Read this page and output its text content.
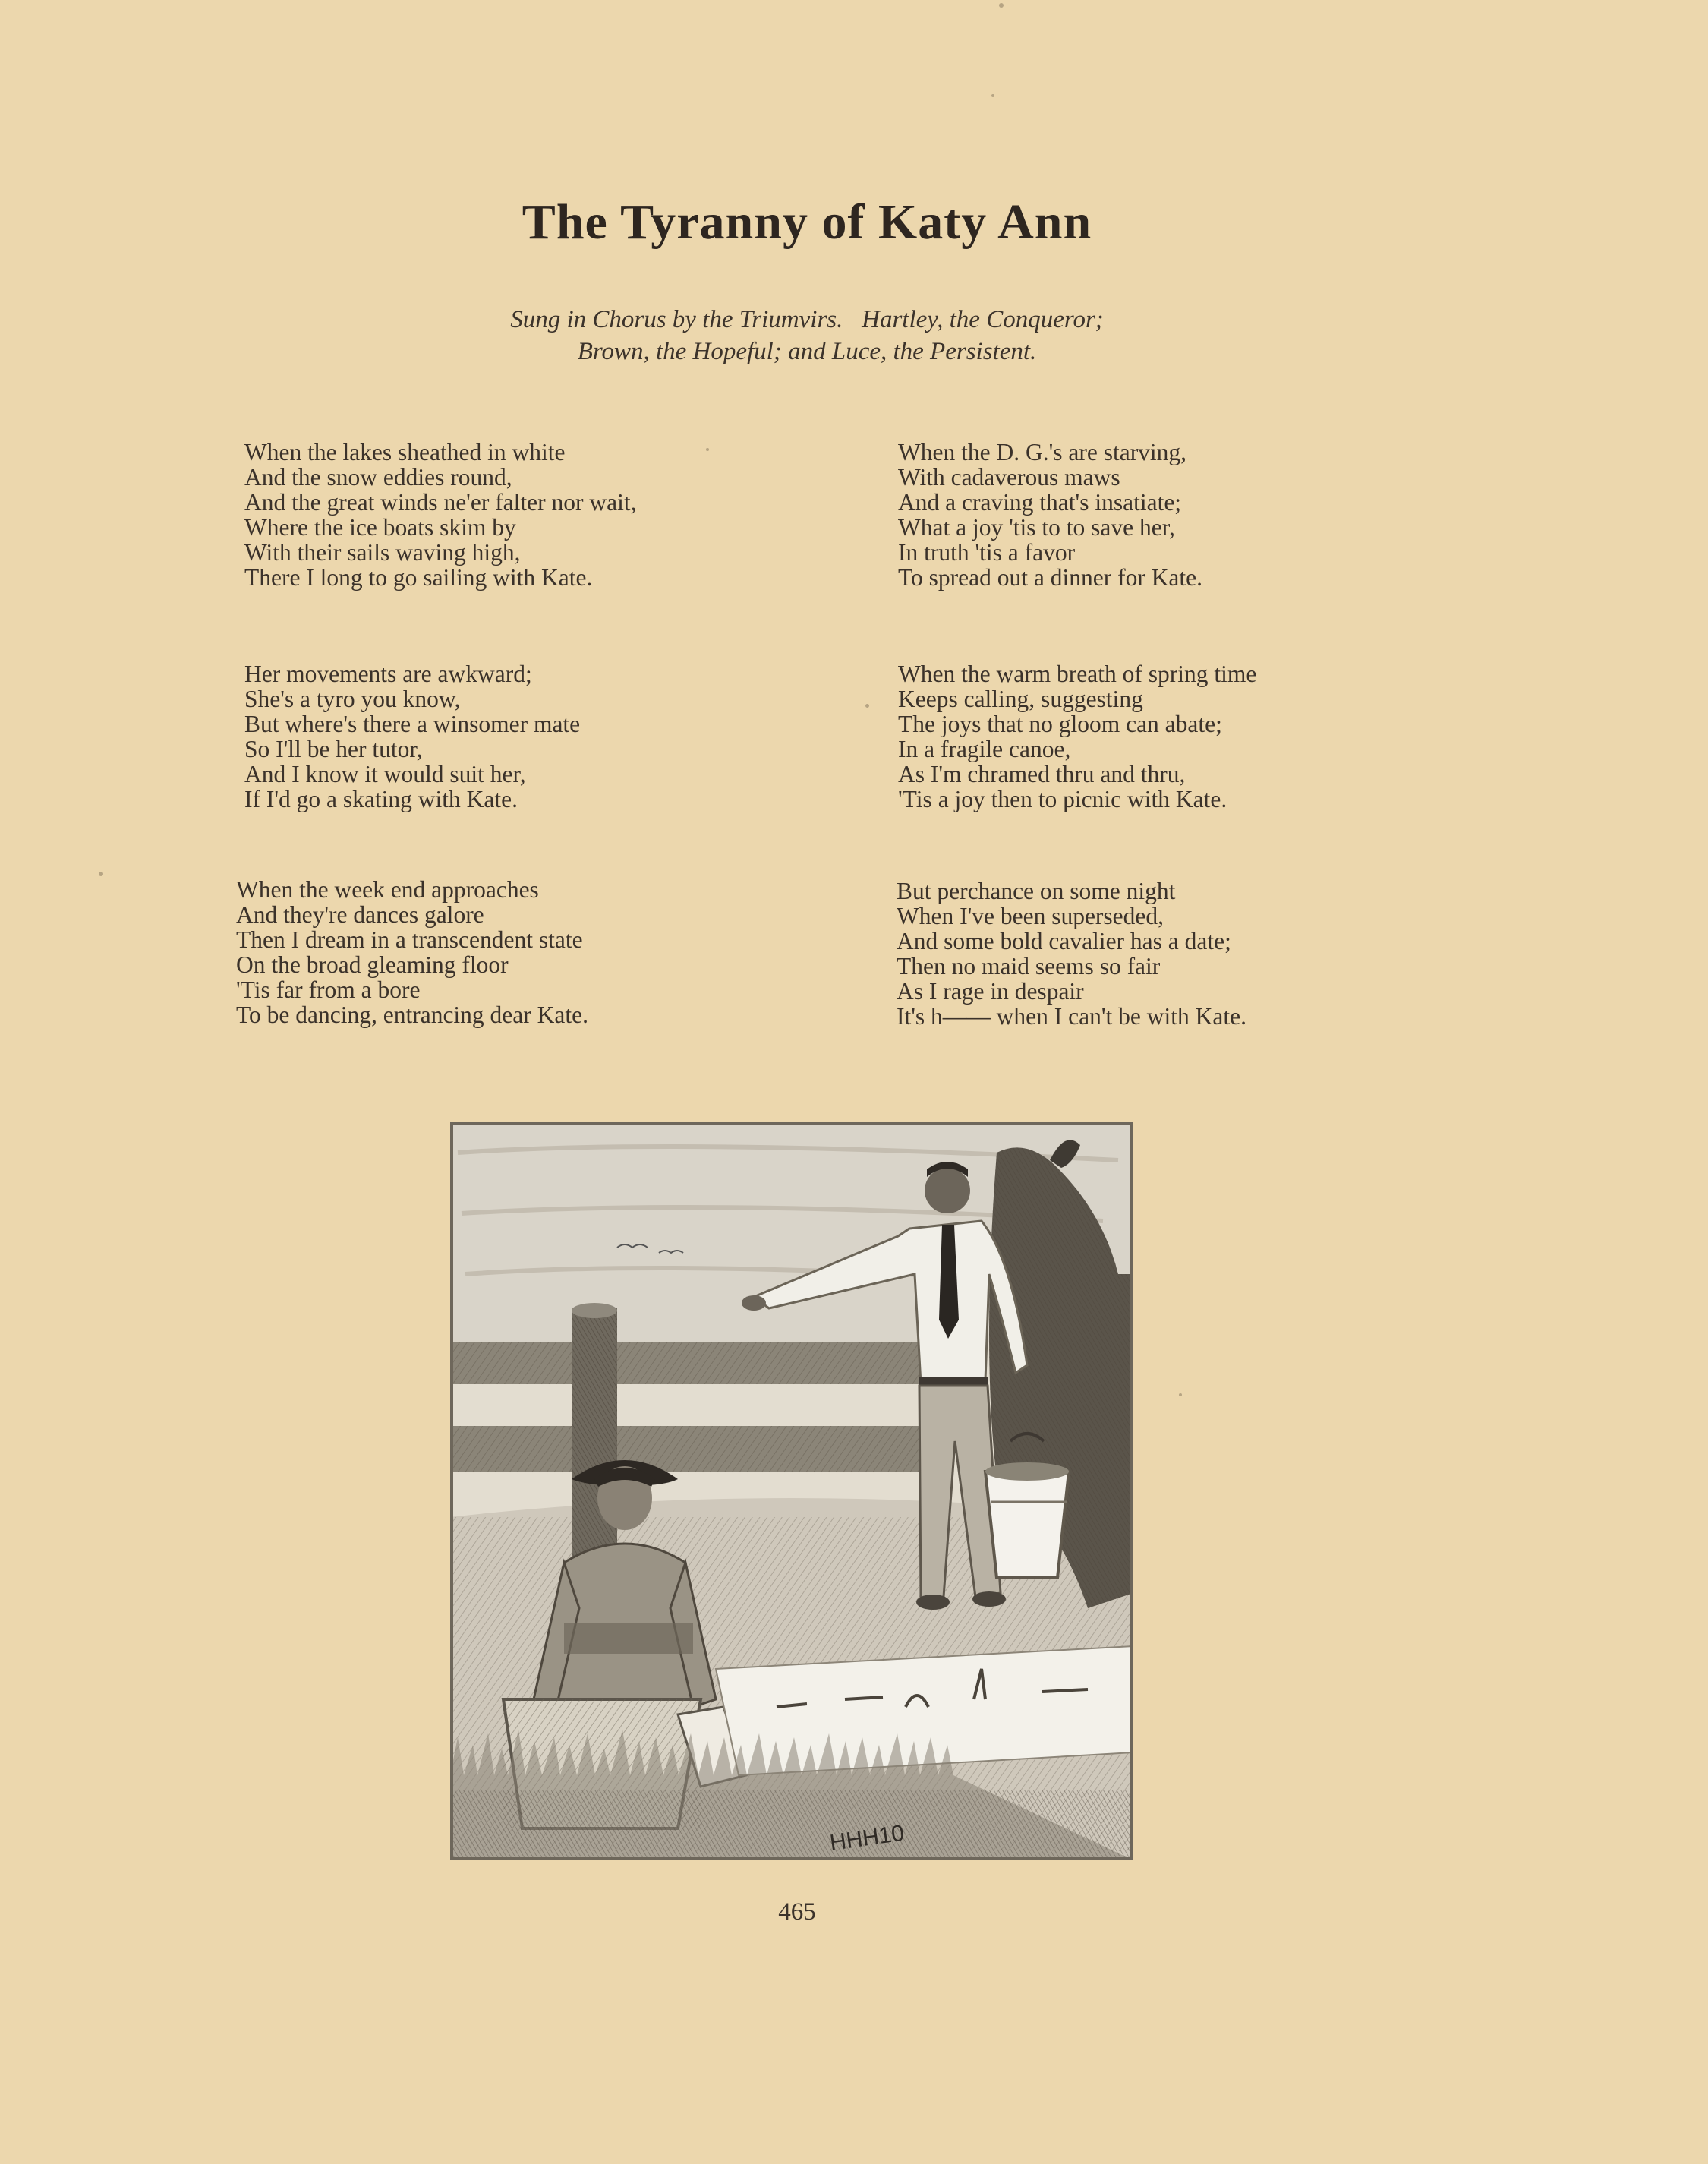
The Tyranny of Katy Ann
Sung in Chorus by the Triumvirs.   Hartley, the Conqueror;
Brown, the Hopeful; and Luce, the Persistent.
When the lakes sheathed in white
And the snow eddies round,
And the great winds ne'er falter nor wait,
Where the ice boats skim by
With their sails waving high,
There I long to go sailing with Kate.
When the D. G.'s are starving,
With cadaverous maws
And a craving that's insatiate;
What a joy 'tis to to save her,
In truth 'tis a favor
To spread out a dinner for Kate.
Her movements are awkward;
She's a tyro you know,
But where's there a winsomer mate
So I'll be her tutor,
And I know it would suit her,
If I'd go a skating with Kate.
When the warm breath of spring time
Keeps calling, suggesting
The joys that no gloom can abate;
In a fragile canoe,
As I'm chramed thru and thru,
'Tis a joy then to picnic with Kate.
When the week end approaches
And they're dances galore
Then I dream in a transcendent state
On the broad gleaming floor
'Tis far from a bore
To be dancing, entrancing dear Kate.
But perchance on some night
When I've been superseded,
And some bold cavalier has a date;
Then no maid seems so fair
As I rage in despair
It's h—— when I can't be with Kate.
HHH10
465
